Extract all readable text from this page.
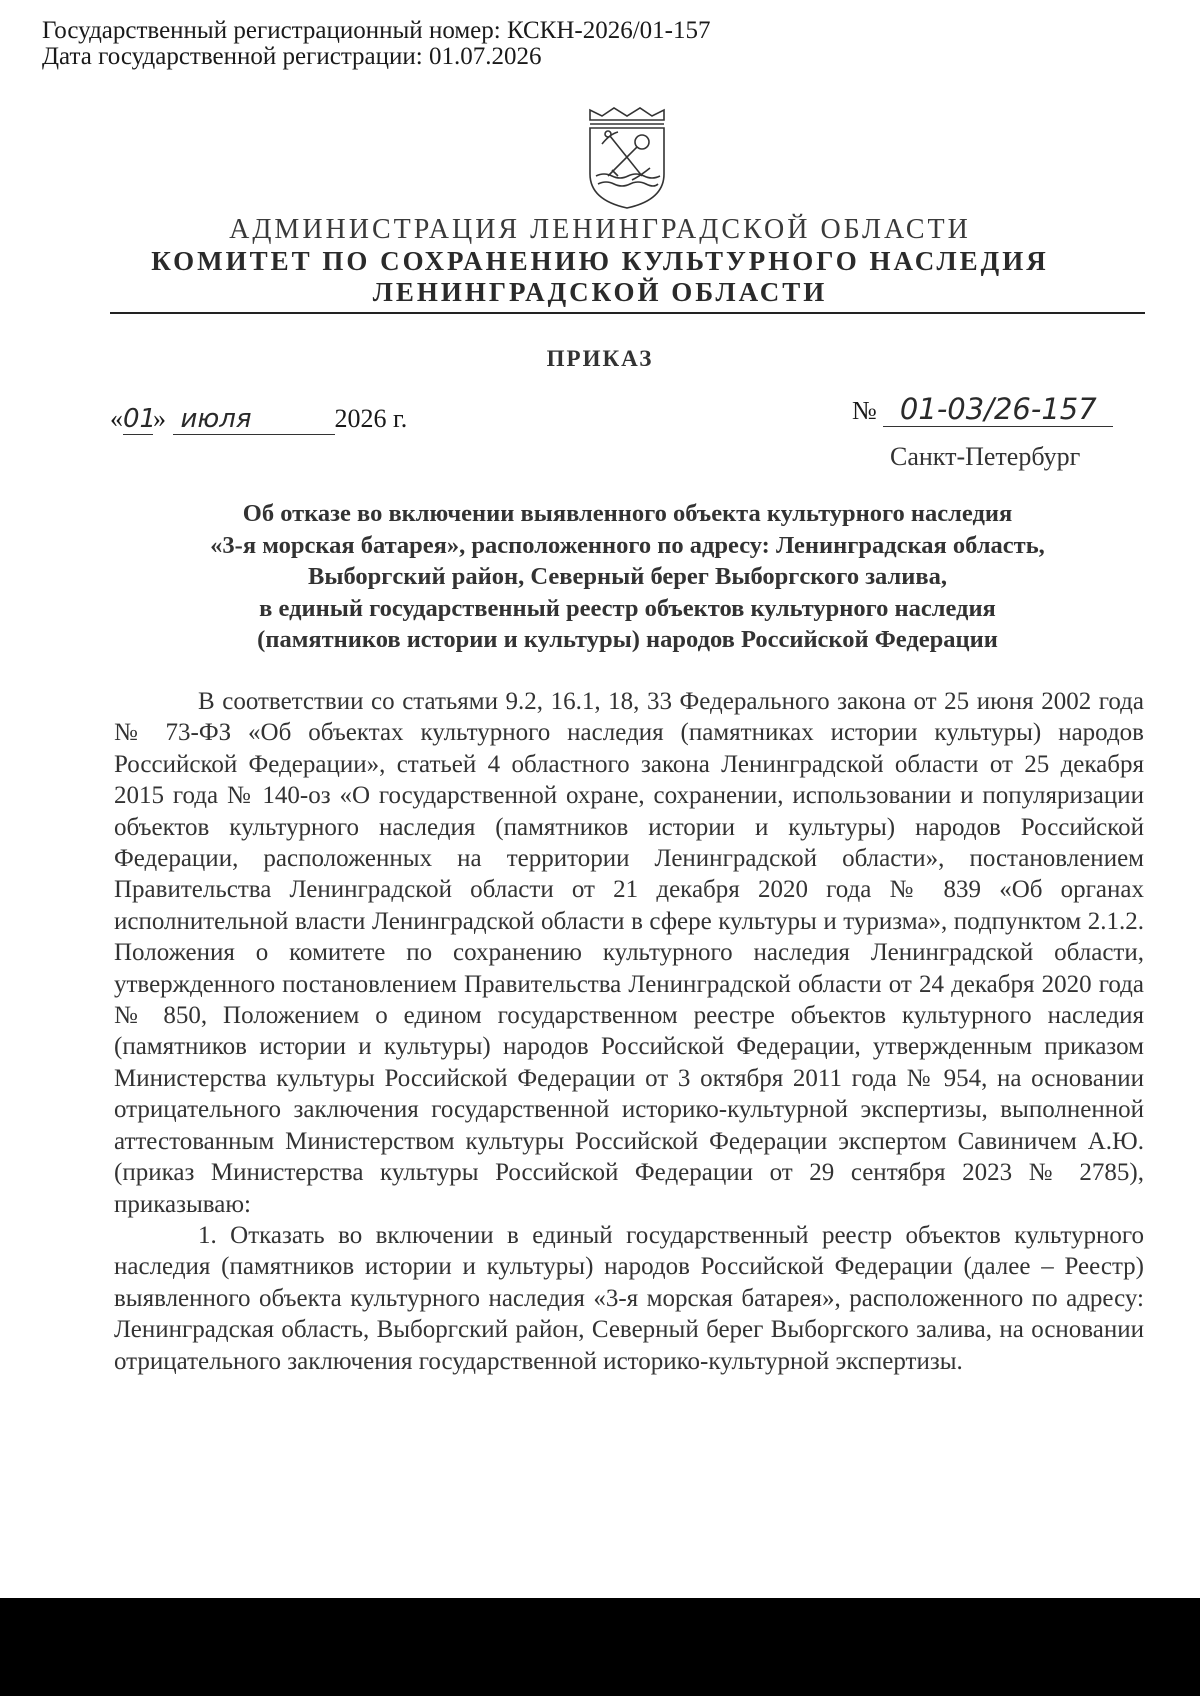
Государственный регистрационный номер: КСКН-2026/01-157
Дата государственной регистрации: 01.07.2026
АДМИНИСТРАЦИЯ ЛЕНИНГРАДСКОЙ ОБЛАСТИ
КОМИТЕТ ПО СОХРАНЕНИЮ КУЛЬТУРНОГО НАСЛЕДИЯ
ЛЕНИНГРАДСКОЙ ОБЛАСТИ
ПРИКАЗ
«01» июля	2026 г.	№ 01-03/26-157
Санкт-Петербург
Об отказе во включении выявленного объекта культурного наследия
«3-я морская батарея», расположенного по адресу: Ленинградская область,
Выборгский район, Северный берег Выборгского залива,
в единый государственный реестр объектов культурного наследия
(памятников истории и культуры) народов Российской Федерации

В соответствии со статьями 9.2, 16.1, 18, 33 Федерального закона от 25 июня 2002 года № 73-ФЗ «Об объектах культурного наследия (памятниках истории культуры) народов Российской Федерации», статьей 4 областного закона Ленинградской области от 25 декабря 2015 года № 140-оз «О государственной охране, сохранении, использовании и популяризации объектов культурного наследия (памятников истории и культуры) народов Российской Федерации, расположенных на территории Ленинградской области», постановлением Правительства Ленинградской области от 21 декабря 2020 года № 839 «Об органах исполнительной власти Ленинградской области в сфере культуры и туризма», подпунктом 2.1.2. Положения о комитете по сохранению культурного наследия Ленинградской области, утвержденного постановлением Правительства Ленинградской области от 24 декабря 2020 года № 850, Положением о едином государственном реестре объектов культурного наследия (памятников истории и культуры) народов Российской Федерации, утвержденным приказом Министерства культуры Российской Федерации от 3 октября 2011 года № 954, на основании отрицательного заключения государственной историко-культурной экспертизы, выполненной аттестованным Министерством культуры Российской Федерации экспертом Савиничем А.Ю. (приказ Министерства культуры Российской Федерации от 29 сентября 2023 № 2785), приказываю:

1. Отказать во включении в единый государственный реестр объектов культурного наследия (памятников истории и культуры) народов Российской Федерации (далее – Реестр) выявленного объекта культурного наследия «3-я морская батарея», расположенного по адресу: Ленинградская область, Выборгский район, Северный берег Выборгского залива, на основании отрицательного заключения государственной историко-культурной экспертизы.
